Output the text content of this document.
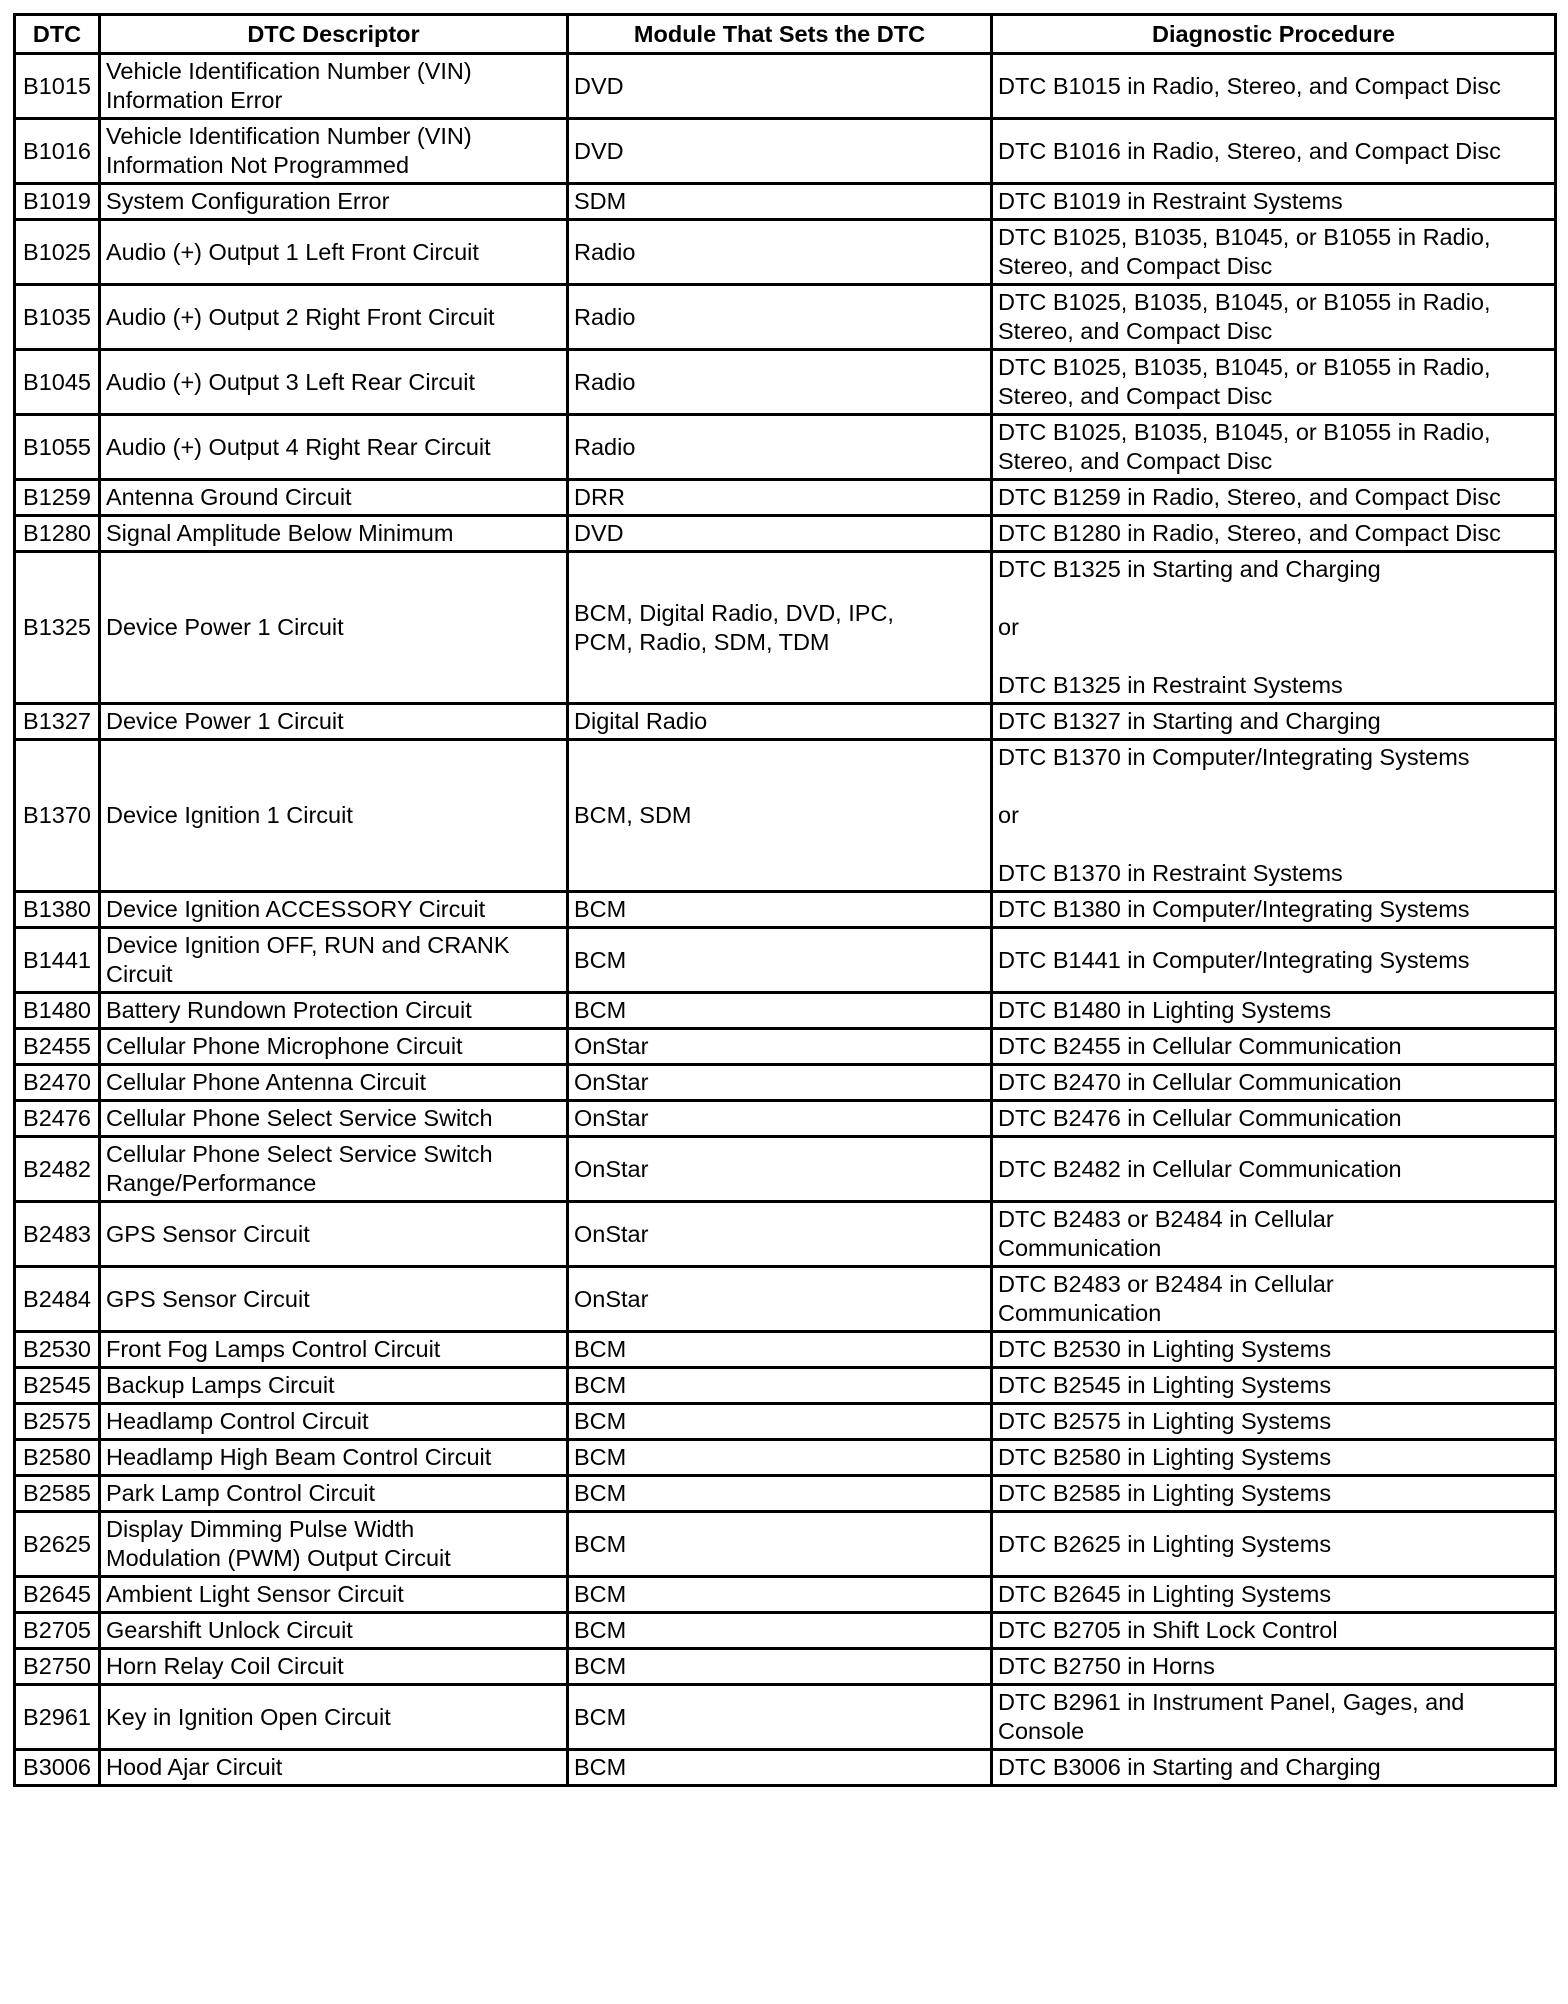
DTC	DTC Descriptor	Module That Sets the DTC	Diagnostic Procedure
B1015	Vehicle Identification Number (VIN)
Information Error	DVD	DTC B1015 in Radio, Stereo, and Compact Disc
B1016	Vehicle Identification Number (VIN)
Information Not Programmed	DVD	DTC B1016 in Radio, Stereo, and Compact Disc
B1019	System Configuration Error	SDM	DTC B1019 in Restraint Systems
B1025	Audio (+) Output 1 Left Front Circuit	Radio	DTC B1025, B1035, B1045, or B1055 in Radio,
Stereo, and Compact Disc
B1035	Audio (+) Output 2 Right Front Circuit	Radio	DTC B1025, B1035, B1045, or B1055 in Radio,
Stereo, and Compact Disc
B1045	Audio (+) Output 3 Left Rear Circuit	Radio	DTC B1025, B1035, B1045, or B1055 in Radio,
Stereo, and Compact Disc
B1055	Audio (+) Output 4 Right Rear Circuit	Radio	DTC B1025, B1035, B1045, or B1055 in Radio,
Stereo, and Compact Disc
B1259	Antenna Ground Circuit	DRR	DTC B1259 in Radio, Stereo, and Compact Disc
B1280	Signal Amplitude Below Minimum	DVD	DTC B1280 in Radio, Stereo, and Compact Disc
B1325	Device Power 1 Circuit	BCM, Digital Radio, DVD, IPC,
PCM, Radio, SDM, TDM	DTC B1325 in Starting and Charging

or

DTC B1325 in Restraint Systems
B1327	Device Power 1 Circuit	Digital Radio	DTC B1327 in Starting and Charging
B1370	Device Ignition 1 Circuit	BCM, SDM	DTC B1370 in Computer/Integrating Systems

or

DTC B1370 in Restraint Systems
B1380	Device Ignition ACCESSORY Circuit	BCM	DTC B1380 in Computer/Integrating Systems
B1441	Device Ignition OFF, RUN and CRANK
Circuit	BCM	DTC B1441 in Computer/Integrating Systems
B1480	Battery Rundown Protection Circuit	BCM	DTC B1480 in Lighting Systems
B2455	Cellular Phone Microphone Circuit	OnStar	DTC B2455 in Cellular Communication
B2470	Cellular Phone Antenna Circuit	OnStar	DTC B2470 in Cellular Communication
B2476	Cellular Phone Select Service Switch	OnStar	DTC B2476 in Cellular Communication
B2482	Cellular Phone Select Service Switch
Range/Performance	OnStar	DTC B2482 in Cellular Communication
B2483	GPS Sensor Circuit	OnStar	DTC B2483 or B2484 in Cellular
Communication
B2484	GPS Sensor Circuit	OnStar	DTC B2483 or B2484 in Cellular
Communication
B2530	Front Fog Lamps Control Circuit	BCM	DTC B2530 in Lighting Systems
B2545	Backup Lamps Circuit	BCM	DTC B2545 in Lighting Systems
B2575	Headlamp Control Circuit	BCM	DTC B2575 in Lighting Systems
B2580	Headlamp High Beam Control Circuit	BCM	DTC B2580 in Lighting Systems
B2585	Park Lamp Control Circuit	BCM	DTC B2585 in Lighting Systems
B2625	Display Dimming Pulse Width
Modulation (PWM) Output Circuit	BCM	DTC B2625 in Lighting Systems
B2645	Ambient Light Sensor Circuit	BCM	DTC B2645 in Lighting Systems
B2705	Gearshift Unlock Circuit	BCM	DTC B2705 in Shift Lock Control
B2750	Horn Relay Coil Circuit	BCM	DTC B2750 in Horns
B2961	Key in Ignition Open Circuit	BCM	DTC B2961 in Instrument Panel, Gages, and
Console
B3006	Hood Ajar Circuit	BCM	DTC B3006 in Starting and Charging
